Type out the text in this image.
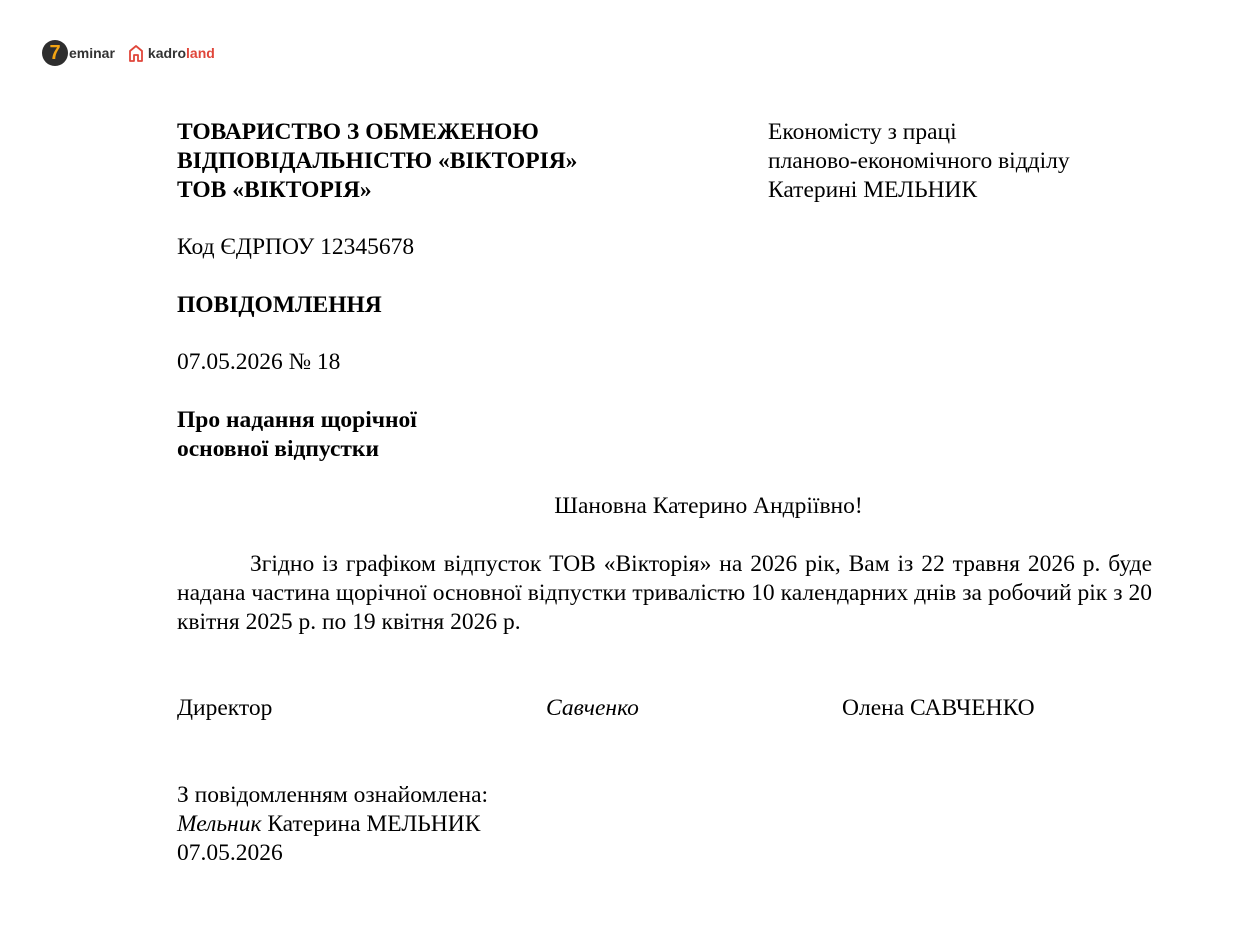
7 eminar kadro land
ТОВАРИСТВО З ОБМЕЖЕНОЮ
ВІДПОВІДАЛЬНІСТЮ «ВІКТОРІЯ»
ТОВ «ВІКТОРІЯ»
Економісту з праці
планово-економічного відділу
Катерині МЕЛЬНИК
Код ЄДРПОУ 12345678
ПОВІДОМЛЕННЯ
07.05.2026 № 18
Про надання щорічної
основної відпустки
Шановна Катерино Андріївно!
Згідно із графіком відпусток ТОВ «Вікторія» на 2026 рік, Вам із 22 травня 2026 р. буде надана частина щорічної основної відпустки тривалістю 10 календарних днів за робочий рік з 20 квітня 2025 р. по 19 квітня 2026 р.
Директор	Савченко	Олена САВЧЕНКО
З повідомленням ознайомлена:
Мельник Катерина МЕЛЬНИК
07.05.2026
